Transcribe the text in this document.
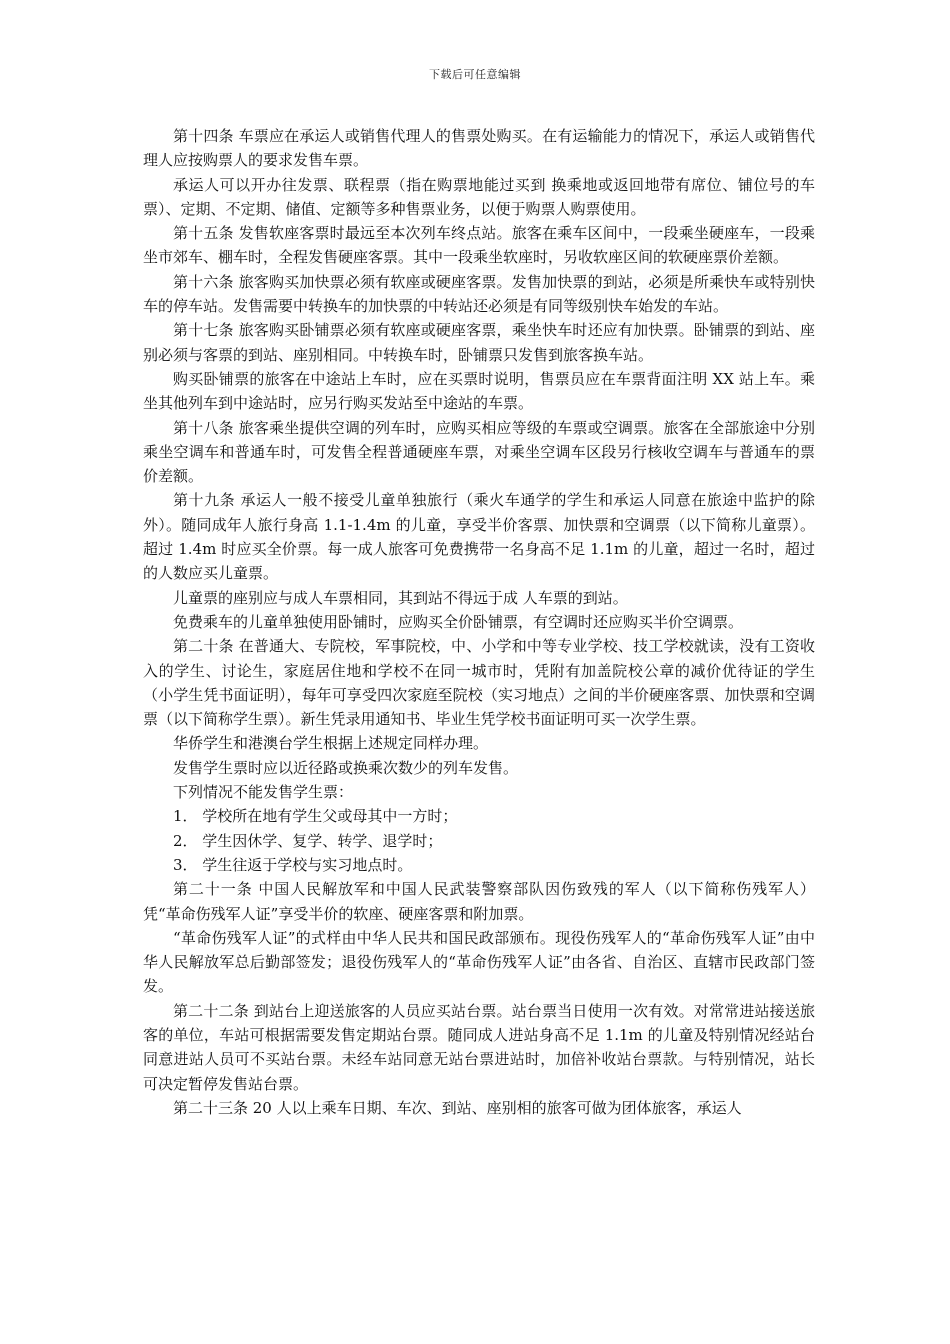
下载后可任意编辑

第十四条 车票应在承运人或销售代理人的售票处购买。在有运输能力的情况下，承运人或销售代理人应按购票人的要求发售车票。

承运人可以开办往发票、联程票（指在购票地能过买到 换乘地或返回地带有席位、铺位号的车票）、定期、不定期、储值、定额等多种售票业务，以便于购票人购票使用。

第十五条 发售软座客票时最远至本次列车终点站。旅客在乘车区间中，一段乘坐硬座车，一段乘坐市郊车、棚车时，全程发售硬座客票。其中一段乘坐软座时，另收软座区间的软硬座票价差额。

第十六条 旅客购买加快票必须有软座或硬座客票。发售加快票的到站，必须是所乘快车或特别快车的停车站。发售需要中转换车的加快票的中转站还必须是有同等级别快车始发的车站。

第十七条 旅客购买卧铺票必须有软座或硬座客票，乘坐快车时还应有加快票。卧铺票的到站、座别必须与客票的到站、座别相同。中转换车时，卧铺票只发售到旅客换车站。

购买卧铺票的旅客在中途站上车时，应在买票时说明，售票员应在车票背面注明 XX 站上车。乘坐其他列车到中途站时，应另行购买发站至中途站的车票。

第十八条 旅客乘坐提供空调的列车时，应购买相应等级的车票或空调票。旅客在全部旅途中分别乘坐空调车和普通车时，可发售全程普通硬座车票，对乘坐空调车区段另行核收空调车与普通车的票价差额。

第十九条 承运人一般不接受儿童单独旅行（乘火车通学的学生和承运人同意在旅途中监护的除外）。随同成年人旅行身高 1.1-1.4m 的儿童，享受半价客票、加快票和空调票（以下简称儿童票）。超过 1.4m 时应买全价票。每一成人旅客可免费携带一名身高不足 1.1m 的儿童，超过一名时，超过的人数应买儿童票。

儿童票的座别应与成人车票相同，其到站不得远于成 人车票的到站。

免费乘车的儿童单独使用卧铺时，应购买全价卧铺票，有空调时还应购买半价空调票。

第二十条 在普通大、专院校，军事院校，中、小学和中等专业学校、技工学校就读，没有工资收入的学生、讨论生，家庭居住地和学校不在同一城市时，凭附有加盖院校公章的减价优待证的学生（小学生凭书面证明），每年可享受四次家庭至院校（实习地点）之间的半价硬座客票、加快票和空调票（以下简称学生票）。新生凭录用通知书、毕业生凭学校书面证明可买一次学生票。

华侨学生和港澳台学生根据上述规定同样办理。

发售学生票时应以近径路或换乘次数少的列车发售。

下列情况不能发售学生票：

1． 学校所在地有学生父或母其中一方时；

2． 学生因休学、复学、转学、退学时；

3． 学生往返于学校与实习地点时。

第二十一条 中国人民解放军和中国人民武装警察部队因伤致残的军人（以下简称伤残军人）凭“革命伤残军人证”享受半价的软座、硬座客票和附加票。

“革命伤残军人证”的式样由中华人民共和国民政部颁布。现役伤残军人的“革命伤残军人证”由中华人民解放军总后勤部签发；退役伤残军人的“革命伤残军人证”由各省、自治区、直辖市民政部门签发。

第二十二条 到站台上迎送旅客的人员应买站台票。站台票当日使用一次有效。对常常进站接送旅客的单位，车站可根据需要发售定期站台票。随同成人进站身高不足 1.1m 的儿童及特别情况经站台同意进站人员可不买站台票。未经车站同意无站台票进站时，加倍补收站台票款。与特别情况，站长可决定暂停发售站台票。

第二十三条 20 人以上乘车日期、车次、到站、座别相的旅客可做为团体旅客，承运人
